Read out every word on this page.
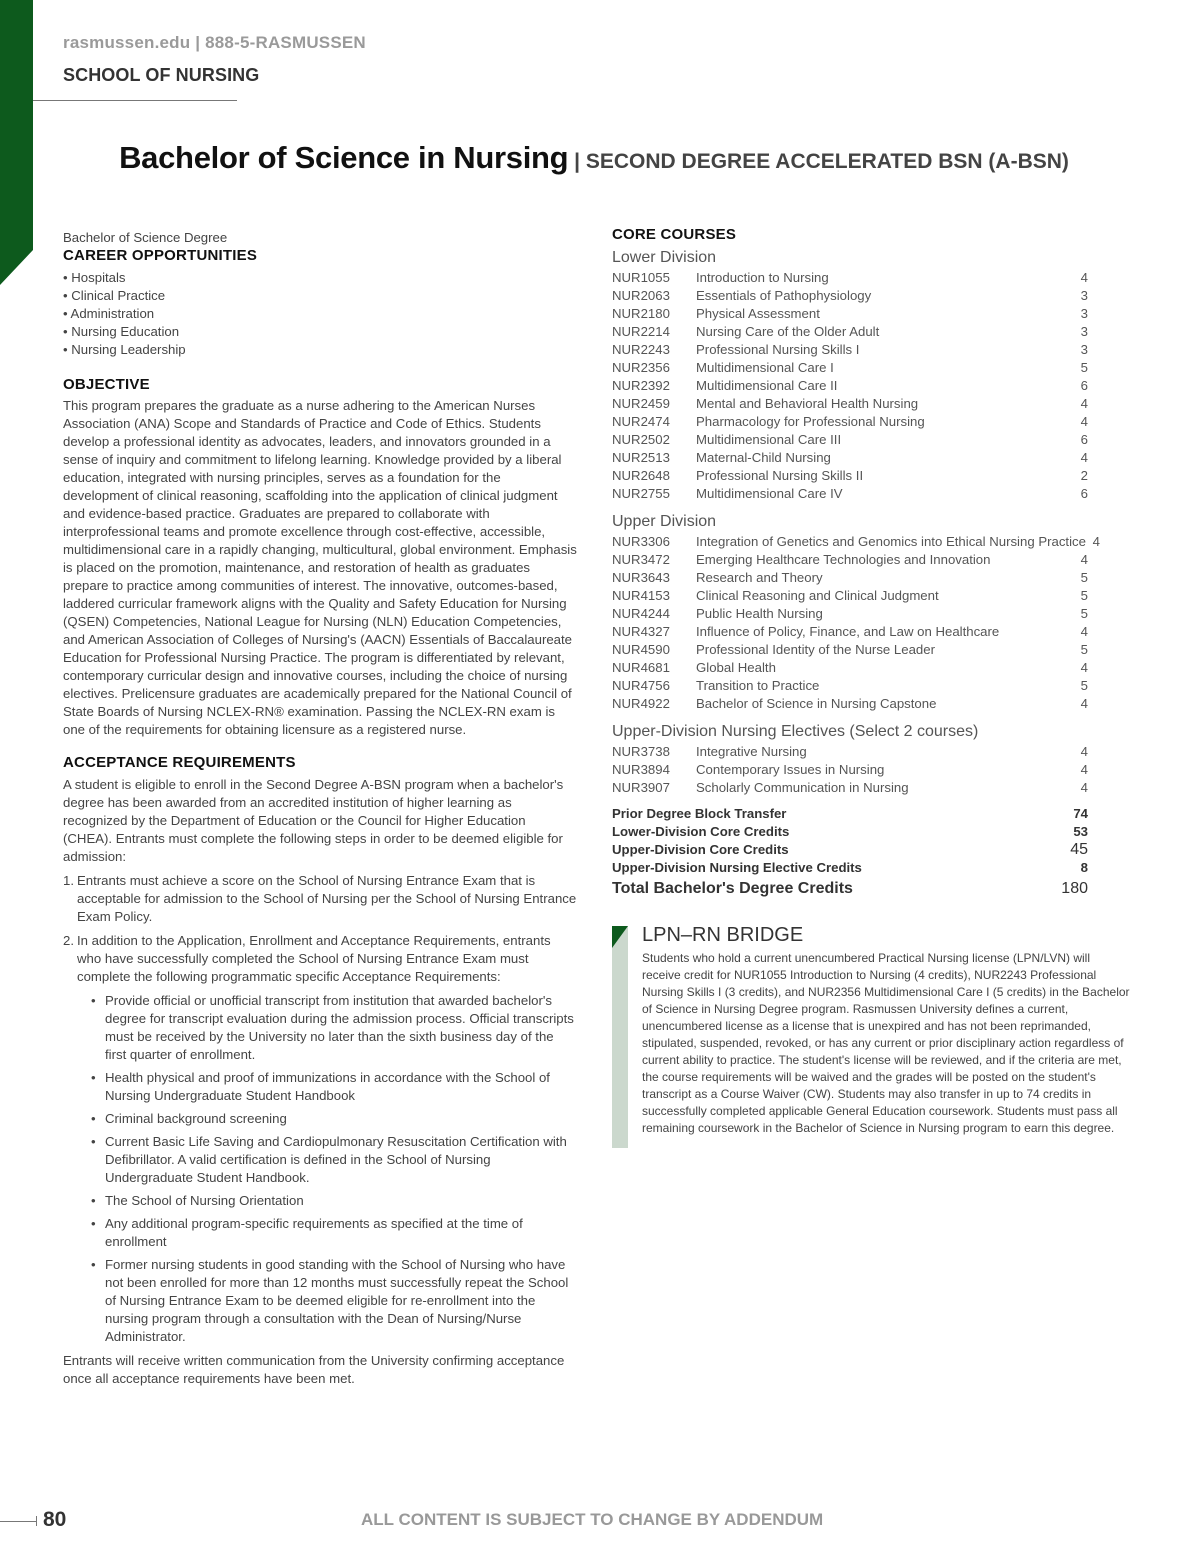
rasmussen.edu | 888-5-RASMUSSEN
SCHOOL OF NURSING
Bachelor of Science in Nursing | SECOND DEGREE ACCELERATED BSN (A-BSN)

Bachelor of Science Degree

CAREER OPPORTUNITIES

• Hospitals
• Clinical Practice
• Administration
• Nursing Education
• Nursing Leadership

OBJECTIVE

This program prepares the graduate as a nurse adhering to the American Nurses Association (ANA) Scope and Standards of Practice and Code of Ethics. Students develop a professional identity as advocates, leaders, and innovators grounded in a sense of inquiry and commitment to lifelong learning. Knowledge provided by a liberal education, integrated with nursing principles, serves as a foundation for the development of clinical reasoning, scaffolding into the application of clinical judgment and evidence-based practice. Graduates are prepared to collaborate with interprofessional teams and promote excellence through cost-effective, accessible, multidimensional care in a rapidly changing, multicultural, global environment. Emphasis is placed on the promotion, maintenance, and restoration of health as graduates prepare to practice among communities of interest. The innovative, outcomes-based, laddered curricular framework aligns with the Quality and Safety Education for Nursing (QSEN) Competencies, National League for Nursing (NLN) Education Competencies, and American Association of Colleges of Nursing's (AACN) Essentials of Baccalaureate Education for Professional Nursing Practice. The program is differentiated by relevant, contemporary curricular design and innovative courses, including the choice of nursing electives. Prelicensure graduates are academically prepared for the National Council of State Boards of Nursing NCLEX-RN® examination. Passing the NCLEX-RN exam is one of the requirements for obtaining licensure as a registered nurse.

ACCEPTANCE REQUIREMENTS

A student is eligible to enroll in the Second Degree A-BSN program when a bachelor's degree has been awarded from an accredited institution of higher learning as recognized by the Department of Education or the Council for Higher Education (CHEA). Entrants must complete the following steps in order to be deemed eligible for admission:

1. Entrants must achieve a score on the School of Nursing Entrance Exam that is acceptable for admission to the School of Nursing per the School of Nursing Entrance Exam Policy.
2. In addition to the Application, Enrollment and Acceptance Requirements, entrants who have successfully completed the School of Nursing Entrance Exam must complete the following programmatic specific Acceptance Requirements:
• Provide official or unofficial transcript from institution that awarded bachelor's degree for transcript evaluation during the admission process. Official transcripts must be received by the University no later than the sixth business day of the first quarter of enrollment.
• Health physical and proof of immunizations in accordance with the School of Nursing Undergraduate Student Handbook
• Criminal background screening
• Current Basic Life Saving and Cardiopulmonary Resuscitation Certification with Defibrillator. A valid certification is defined in the School of Nursing Undergraduate Student Handbook.
• The School of Nursing Orientation
• Any additional program-specific requirements as specified at the time of enrollment
• Former nursing students in good standing with the School of Nursing who have not been enrolled for more than 12 months must successfully repeat the School of Nursing Entrance Exam to be deemed eligible for re-enrollment into the nursing program through a consultation with the Dean of Nursing/Nurse Administrator.

Entrants will receive written communication from the University confirming acceptance once all acceptance requirements have been met.

CORE COURSES
Lower Division
NUR1055	Introduction to Nursing	4
NUR2063	Essentials of Pathophysiology	3
NUR2180	Physical Assessment	3
NUR2214	Nursing Care of the Older Adult	3
NUR2243	Professional Nursing Skills I	3
NUR2356	Multidimensional Care I	5
NUR2392	Multidimensional Care II	6
NUR2459	Mental and Behavioral Health Nursing	4
NUR2474	Pharmacology for Professional Nursing	4
NUR2502	Multidimensional Care III	6
NUR2513	Maternal-Child Nursing	4
NUR2648	Professional Nursing Skills II	2
NUR2755	Multidimensional Care IV	6
Upper Division
NUR3306	Integration of Genetics and Genomics into Ethical Nursing Practice 4
NUR3472	Emerging Healthcare Technologies and Innovation	4
NUR3643	Research and Theory	5
NUR4153	Clinical Reasoning and Clinical Judgment	5
NUR4244	Public Health Nursing	5
NUR4327	Influence of Policy, Finance, and Law on Healthcare	4
NUR4590	Professional Identity of the Nurse Leader	5
NUR4681	Global Health	4
NUR4756	Transition to Practice	5
NUR4922	Bachelor of Science in Nursing Capstone	4
Upper-Division Nursing Electives (Select 2 courses)
NUR3738	Integrative Nursing	4
NUR3894	Contemporary Issues in Nursing	4
NUR3907	Scholarly Communication in Nursing	4
Prior Degree Block Transfer	74
Lower-Division Core Credits	53
Upper-Division Core Credits	45
Upper-Division Nursing Elective Credits	8
Total Bachelor's Degree Credits	180
LPN–RN BRIDGE
Students who hold a current unencumbered Practical Nursing license (LPN/LVN) will receive credit for NUR1055 Introduction to Nursing (4 credits), NUR2243 Professional Nursing Skills I (3 credits), and NUR2356 Multidimensional Care I (5 credits) in the Bachelor of Science in Nursing Degree program. Rasmussen University defines a current, unencumbered license as a license that is unexpired and has not been reprimanded, stipulated, suspended, revoked, or has any current or prior disciplinary action regardless of current ability to practice. The student's license will be reviewed, and if the criteria are met, the course requirements will be waived and the grades will be posted on the student's transcript as a Course Waiver (CW). Students may also transfer in up to 74 credits in successfully completed applicable General Education coursework. Students must pass all remaining coursework in the Bachelor of Science in Nursing program to earn this degree.
80	ALL CONTENT IS SUBJECT TO CHANGE BY ADDENDUM
